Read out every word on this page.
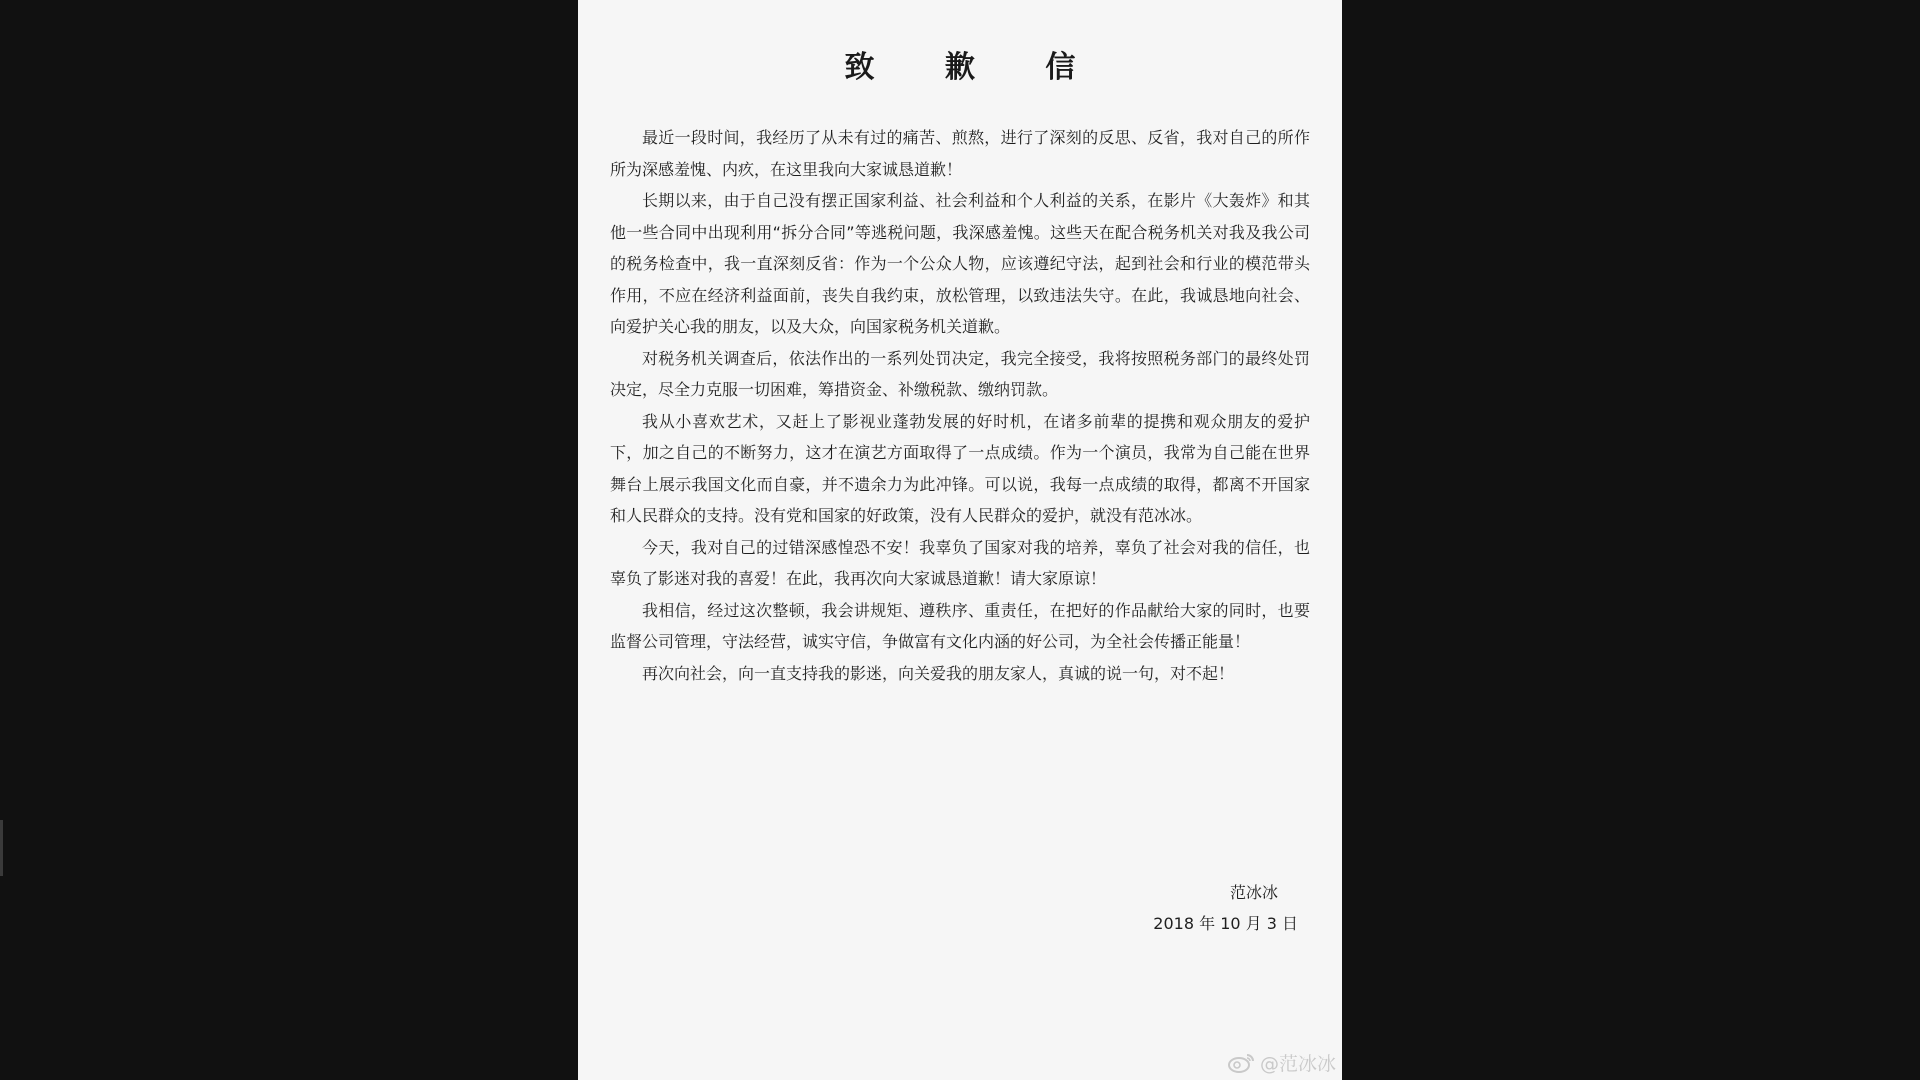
致 歉 信

最近一段时间，我经历了从未有过的痛苦、煎熬，进行了深刻的反思、反省，我对自己的所作所为深感羞愧、内疚，在这里我向大家诚恳道歉！

长期以来，由于自己没有摆正国家利益、社会利益和个人利益的关系，在影片《大轰炸》和其他一些合同中出现利用“拆分合同”等逃税问题，我深感羞愧。这些天在配合税务机关对我及我公司的税务检查中，我一直深刻反省：作为一个公众人物，应该遵纪守法，起到社会和行业的模范带头作用，不应在经济利益面前，丧失自我约束，放松管理，以致违法失守。在此，我诚恳地向社会、向爱护关心我的朋友，以及大众，向国家税务机关道歉。

对税务机关调查后，依法作出的一系列处罚决定，我完全接受，我将按照税务部门的最终处罚决定，尽全力克服一切困难，筹措资金、补缴税款、缴纳罚款。

我从小喜欢艺术，又赶上了影视业蓬勃发展的好时机，在诸多前辈的提携和观众朋友的爱护下，加之自己的不断努力，这才在演艺方面取得了一点成绩。作为一个演员，我常为自己能在世界舞台上展示我国文化而自豪，并不遗余力为此冲锋。可以说，我每一点成绩的取得，都离不开国家和人民群众的支持。没有党和国家的好政策，没有人民群众的爱护，就没有范冰冰。

今天，我对自己的过错深感惶恐不安！我辜负了国家对我的培养，辜负了社会对我的信任，也辜负了影迷对我的喜爱！在此，我再次向大家诚恳道歉！请大家原谅！

我相信，经过这次整顿，我会讲规矩、遵秩序、重责任，在把好的作品献给大家的同时，也要监督公司管理，守法经营，诚实守信，争做富有文化内涵的好公司，为全社会传播正能量！

再次向社会，向一直支持我的影迷，向关爱我的朋友家人，真诚的说一句，对不起！

范冰冰
2018 年 10 月 3 日
@范冰冰
